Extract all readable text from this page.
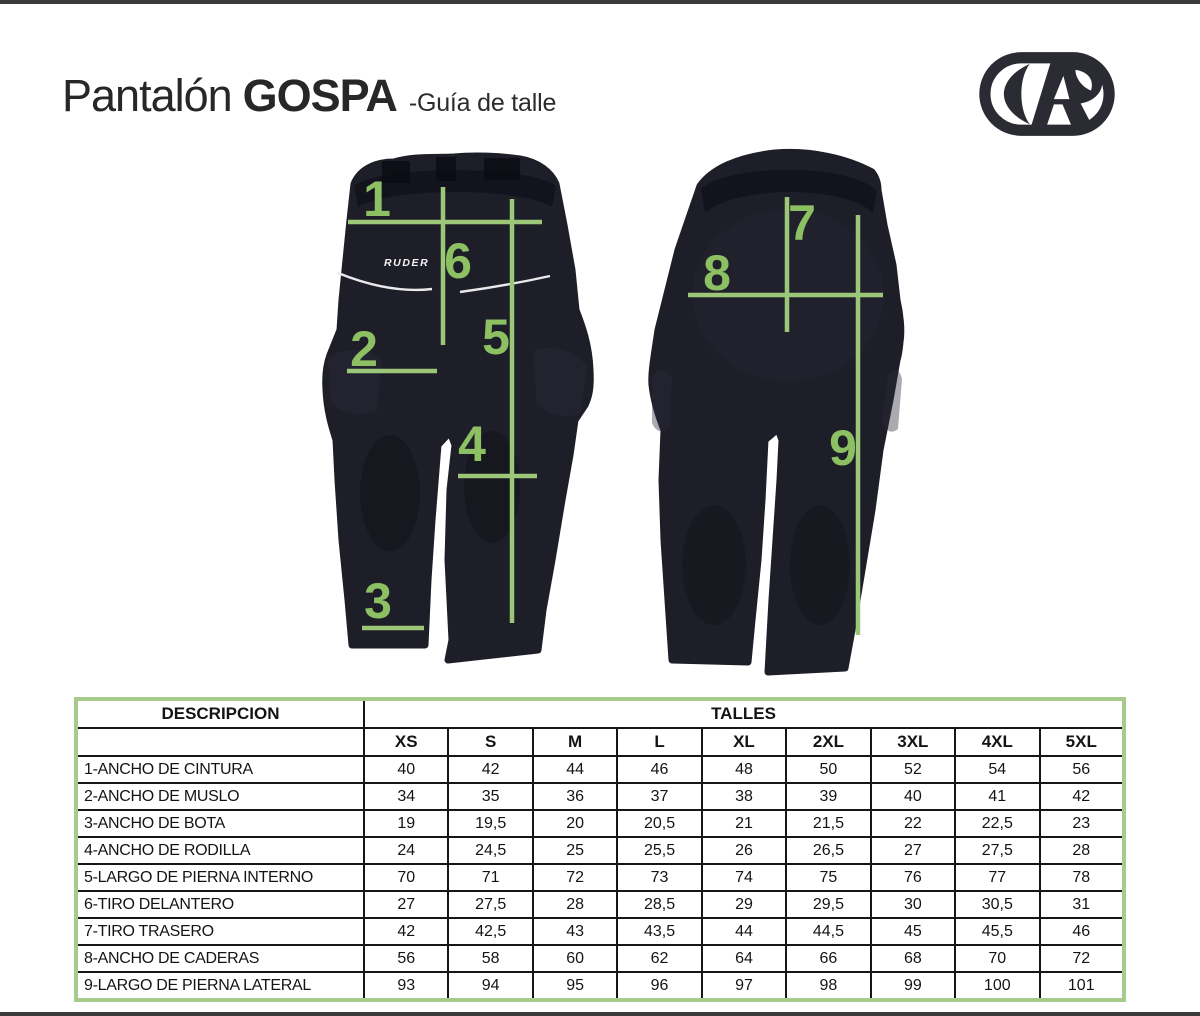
Pantalón GOSPA -Guía de talle
RUDER
1
2
3
4
5
6
7
8
9
DESCRIPCION	TALLES								
	XS	S	M	L	XL	2XL	3XL	4XL	5XL
1-ANCHO DE CINTURA	40	42	44	46	48	50	52	54	56
2-ANCHO DE MUSLO	34	35	36	37	38	39	40	41	42
3-ANCHO DE BOTA	19	19,5	20	20,5	21	21,5	22	22,5	23
4-ANCHO DE RODILLA	24	24,5	25	25,5	26	26,5	27	27,5	28
5-LARGO DE PIERNA INTERNO	70	71	72	73	74	75	76	77	78
6-TIRO DELANTERO	27	27,5	28	28,5	29	29,5	30	30,5	31
7-TIRO TRASERO	42	42,5	43	43,5	44	44,5	45	45,5	46
8-ANCHO DE CADERAS	56	58	60	62	64	66	68	70	72
9-LARGO DE PIERNA LATERAL	93	94	95	96	97	98	99	100	101
